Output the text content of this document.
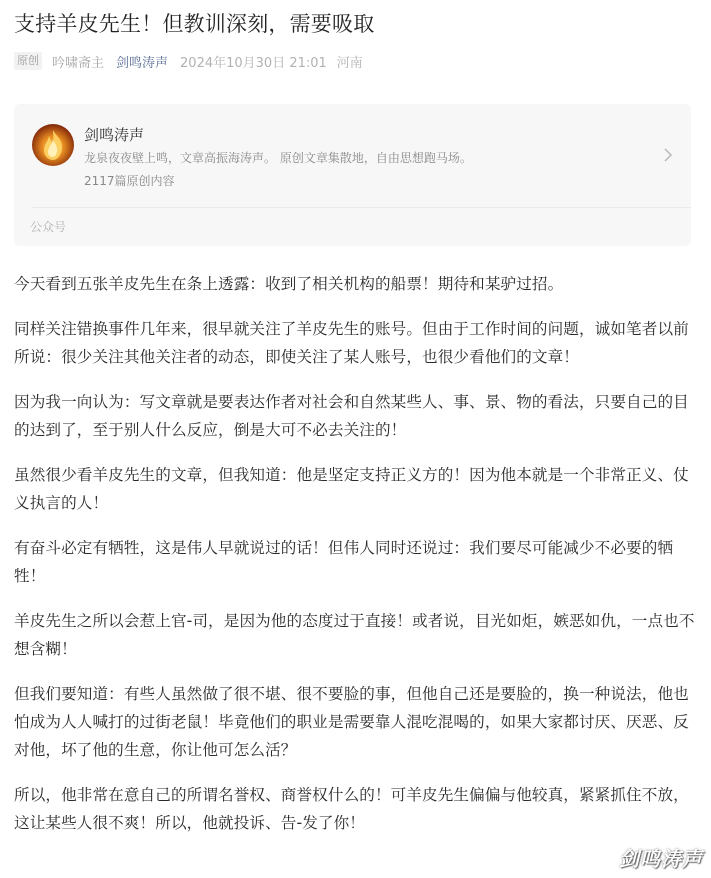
支持羊皮先生！但教训深刻，需要吸取
原创 吟啸斋主 剑鸣涛声 2024年10月30日 21:01 河南
剑鸣涛声
龙泉夜夜壁上鸣，文章高振海涛声。 原创文章集散地，自由思想跑马场。
2117篇原创内容
公众号

今天看到五张羊皮先生在条上透露：收到了相关机构的船票！期待和某驴过招。

同样关注错换事件几年来，很早就关注了羊皮先生的账号。但由于工作时间的问题，诚如笔者以前所说：很少关注其他关注者的动态，即使关注了某人账号，也很少看他们的文章！

因为我一向认为：写文章就是要表达作者对社会和自然某些人、事、景、物的看法，只要自己的目的达到了，至于别人什么反应，倒是大可不必去关注的！

虽然很少看羊皮先生的文章，但我知道：他是坚定支持正义方的！因为他本就是一个非常正义、仗义执言的人！

有奋斗必定有牺牲，这是伟人早就说过的话！但伟人同时还说过：我们要尽可能减少不必要的牺牲！

羊皮先生之所以会惹上官-司，是因为他的态度过于直接！或者说，目光如炬，嫉恶如仇，一点也不想含糊！

但我们要知道：有些人虽然做了很不堪、很不要脸的事，但他自己还是要脸的，换一种说法，他也怕成为人人喊打的过街老鼠！毕竟他们的职业是需要靠人混吃混喝的，如果大家都讨厌、厌恶、反对他，坏了他的生意，你让他可怎么活？

所以，他非常在意自己的所谓名誉权、商誉权什么的！可羊皮先生偏偏与他较真，紧紧抓住不放，这让某些人很不爽！所以，他就投诉、告-发了你！

剑鸣涛声
